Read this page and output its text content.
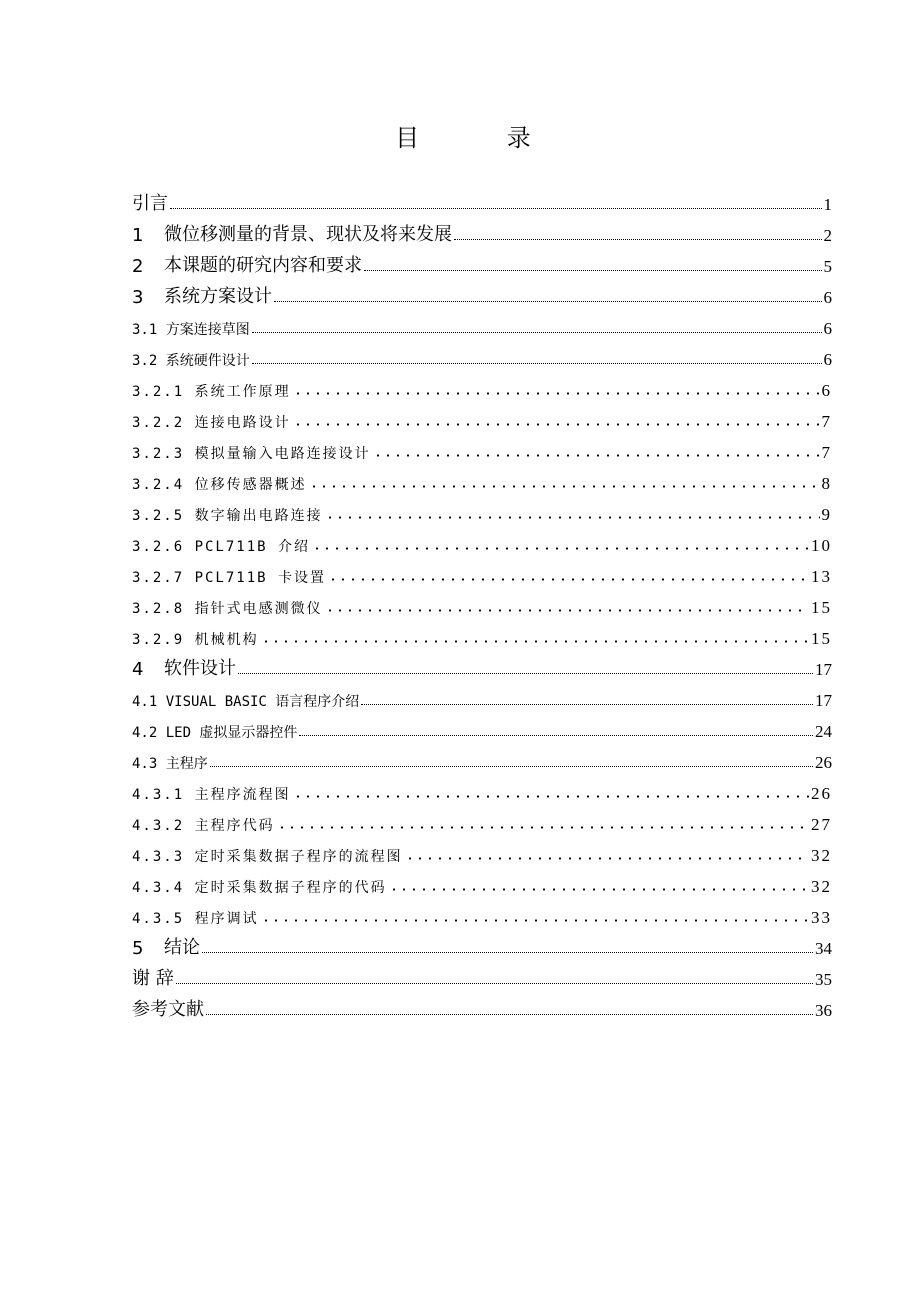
目 录
引言	1
1	微位移测量的背景、现状及将来发展	2
2	本课题的研究内容和要求	5
3	系统方案设计	6
3.1 方案连接草图	6
3.2 系统硬件设计	6
3.2.1 系统工作原理	6
3.2.2 连接电路设计	7
3.2.3 模拟量输入电路连接设计	7
3.2.4 位移传感器概述	8
3.2.5 数字输出电路连接	9
3.2.6 PCL711B 介绍	10
3.2.7 PCL711B 卡设置	13
3.2.8 指针式电感测微仪	15
3.2.9 机械机构	15
4	软件设计	17
4.1 VISUAL BASIC 语言程序介绍	17
4.2 LED 虚拟显示器控件	24
4.3 主程序	26
4.3.1 主程序流程图	26
4.3.2 主程序代码	27
4.3.3 定时采集数据子程序的流程图	32
4.3.4 定时采集数据子程序的代码	32
4.3.5 程序调试	33
5	结论	34
谢 辞	35
参考文献	36
